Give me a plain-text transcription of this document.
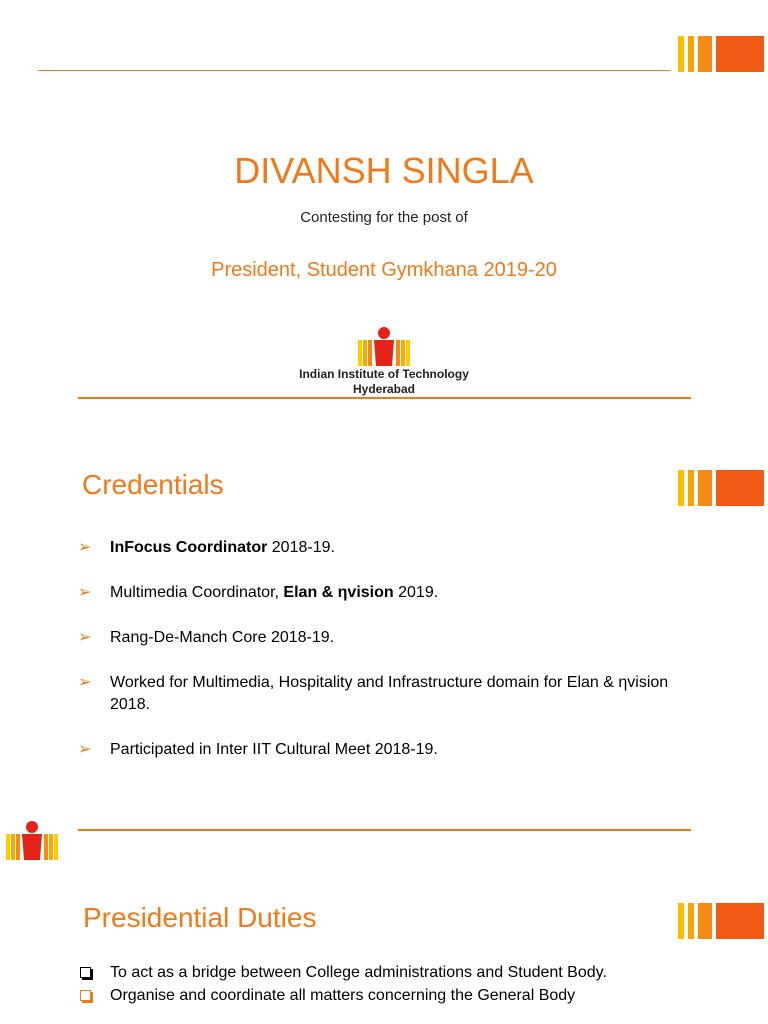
DIVANSH SINGLA
Contesting for the post of
President, Student Gymkhana 2019-20
Indian Institute of Technology
Hyderabad
Credentials
➢ InFocus Coordinator 2018-19.
➢ Multimedia Coordinator, Elan & ηvision 2019.
➢ Rang-De-Manch Core 2018-19.
➢ Worked for Multimedia, Hospitality and Infrastructure domain for Elan & ηvision 2018.
➢ Participated in Inter IIT Cultural Meet 2018-19.
Presidential Duties
To act as a bridge between College administrations and Student Body.
Organise and coordinate all matters concerning the General Body
